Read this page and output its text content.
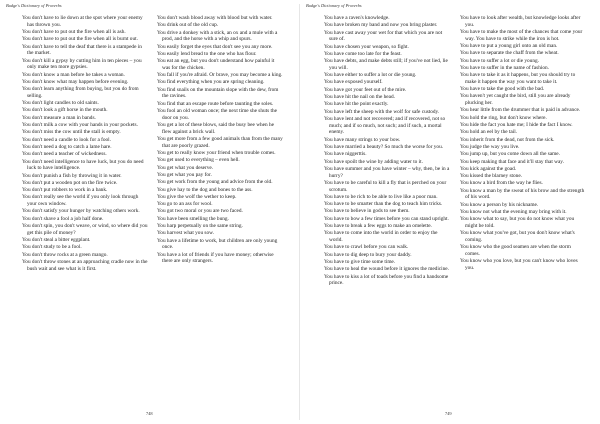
Budge's Dictionary of Proverbs
You don't have to lie down at the spot where your enemy has thrown you.
You don't have to put out the fire when all is ash.
You don't have to put out the fire when all is burnt out.
You don't have to tell the deaf that there is a stampede in the market.
You don't kill a gypsy by cutting him in ten pieces – you only make ten more gypsies.
You don't know a man before he takes a woman.
You don't know what may happen before evening.
You don't learn anything from buying, but you do from selling.
You don't light candles to old saints.
You don't look a gift horse in the mouth.
You don't measure a man in bands.
You don't milk a cow with your hands in your pockets.
You don't miss the cow until the stall is empty.
You don't need a candle to look for a fool.
You don't need a dog to catch a lame hare.
You don't need a teacher of wickedness.
You don't need intelligence to have luck, but you do need luck to have intelligence.
You don't punish a fish by throwing it in water.
You don't put a wooden pot on the fire twice.
You don't put robbers to work in a bank.
You don't really see the world if you only look through your own window.
You don't satisfy your hunger by watching others work.
You don't shave a fool a job half done.
You don't spin, you don't weave, or wind, so where did you get this pile of money?
You don't steal a bitter eggplant.
You don't study to be a fool.
You don't throw rocks at a green mango.
You don't throw stones at an approaching cradle now in the bush wait and see what is it first.
You don't wash blood away with blood but with water.
You drink out of the old cup.
You drive a donkey with a stick, an ox and a mule with a prod, and the horse with a whip and spurs.
You easily forget the eyes that don't see you any more.
You easily lend bread to the one who has flour.
You eat an egg, but you don't understand how painful it was for the chicken.
You fall if you're afraid. Or brave, you may become a king.
You find everything when you are spring cleaning.
You find snails on the mountain slope with the dew, from the ravines.
You find that an escape route before taunting the soles.
You fool an old woman once; the next time she shuts the door on you.
You get a lot of these blows, said the busy bee when he flew against a brick wall.
You get more from a few good animals than from the many that are poorly grazed.
You get to really know your friend when trouble comes.
You get used to everything – even hell.
You get what you deserve.
You get what you pay for.
You get work from the young and advice from the old.
You give hay to the dog and bones to the ass.
You give the wolf the wether to keep.
You go to an ass for wool.
You got two moral or you are two faced.
You have been smelling the bung.
You harp perpetually on the same string.
You harvest what you sow.
You have a lifetime to work, but children are only young once.
You have a lot of friends if you have money; otherwise there are only strangers.
748
Budge's Dictionary of Proverbs
You have a raven's knowledge.
You have broken my band and now you bring plaster.
You have cast away your wet for that which you are not sure of.
You have chosen your weapon, so fight.
You have come too late for the feast.
You have debts, and make debts still; if you've not lied, lie you will.
You have either to suffer a lot or die young.
You have exposed yourself.
You have got your feet out of the mire.
You have hit the nail on the head.
You have hit the point exactly.
You have left the sheep with the wolf for safe custody.
You have lent and not recovered; and if recovered, not so much; and if so much, not such; and if such, a mortal enemy.
You have many strings to your bow.
You have married a beauty? So much the worse for you.
You have niggerttis.
You have spoilt the wine by adding water to it.
You have summer and you have winter – why, then, be in a hurry?
You have to be careful to kill a fly that is perched on your scrotum.
You have to be rich to be able to live like a poor man.
You have to be smarter than the dog to teach him tricks.
You have to believe in gods to see them.
You have to bow a few times before you can stand upright.
You have to break a few eggs to make an omelette.
You have to come into the world in order to enjoy the world.
You have to crawl before you can walk.
You have to dig deep to bury your daddy.
You have to give time some time.
You have to heal the wound before it ignores the medicine.
You have to kiss a lot of toads before you find a handsome prince.
You have to look after wealth, but knowledge looks after you.
You have to make the most of the chances that come your way. You have to strike while the iron is hot.
You have to put a young girl onto an old man.
You have to separate the chaff from the wheat.
You have to suffer a lot or die young.
You have to suffer in the name of fashion.
You have to take it as it happens, but you should try to make it happen the way you want to take it.
You have to take the good with the bad.
You haven't yet caught the bird, still you are already plucking her.
You hear little from the drummer that is paid in advance.
You hold the ring, but don't know where.
You hide the fact you hate me; I hide the fact I know.
You hold an eel by the tail.
You inherit from the dead, not from the sick.
You judge the way you live.
You jump up, but you come down all the same.
You keep making that face and it'll stay that way.
You kick against the goad.
You kissed the blarney stone.
You know a bird from the way he flies.
You know a man by the sweat of his brow and the strength of his word.
You know a person by his nickname.
You know not what the evening may bring with it.
You know what to say, but you do not know what you might be told.
You know what you've got, but you don't know what's coming.
You know who the good seamen are when the storm comes.
You know who you love, but you can't know who loves you.
749
